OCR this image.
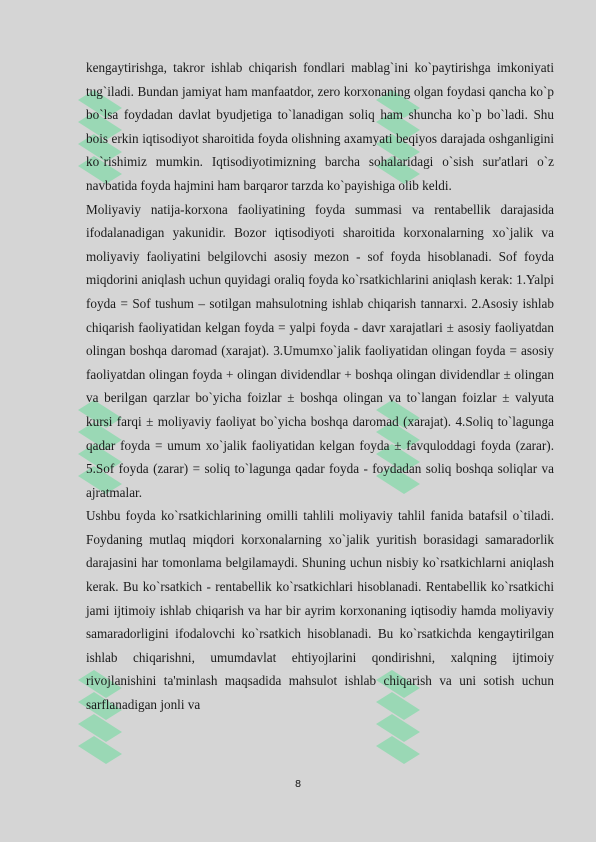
kengaytirishga, takror ishlab chiqarish fondlari mablag`ini ko`paytirishga imkoniyati tug`iladi. Bundan jamiyat ham manfaatdor, zero korxonaning olgan foydasi qancha ko`p bo`lsa foydadan davlat byudjetiga to`lanadigan soliq ham shuncha ko`p bo`ladi. Shu bois erkin iqtisodiyot sharoitida foyda olishning axamyati beqiyos darajada oshganligini ko`rishimiz mumkin. Iqtisodiyotimizning barcha sohalaridagi o`sish sur'atlari o`z navbatida foyda hajmini ham barqaror tarzda ko`payishiga olib keldi.

Moliyaviy natija-korxona faoliyatining foyda summasi va rentabellik darajasida ifodalanadigan yakunidir. Bozor iqtisodiyoti sharoitida korxonalarning xo`jalik va moliyaviy faoliyatini belgilovchi asosiy mezon - sof foyda hisoblanadi. Sof foyda miqdorini aniqlash uchun quyidagi oraliq foyda ko`rsatkichlarini aniqlash kerak: 1.Yalpi foyda = Sof tushum – sotilgan mahsulotning ishlab chiqarish tannarxi. 2.Asosiy ishlab chiqarish faoliyatidan kelgan foyda = yalpi foyda - davr xarajatlari ± asosiy faoliyatdan olingan boshqa daromad (xarajat). 3.Umumxo`jalik faoliyatidan olingan foyda = asosiy faoliyatdan olingan foyda + olingan dividendlar + boshqa olingan dividendlar ± olingan va berilgan qarzlar bo`yicha foizlar ± boshqa olingan va to`langan foizlar ± valyuta kursi farqi ± moliyaviy faoliyat bo`yicha boshqa daromad (xarajat). 4.Soliq to`lagunga qadar foyda = umum xo`jalik faoliyatidan kelgan foyda ± favquloddagi foyda (zarar). 5.Sof foyda (zarar) = soliq to`lagunga qadar foyda - foydadan soliq boshqa soliqlar va ajratmalar.

Ushbu foyda ko`rsatkichlarining omilli tahlili moliyaviy tahlil fanida batafsil o`tiladi. Foydaning mutlaq miqdori korxonalarning xo`jalik yuritish borasidagi samaradorlik darajasini har tomonlama belgilamaydi. Shuning uchun nisbiy ko`rsatkichlarni aniqlash kerak. Bu ko`rsatkich - rentabellik ko`rsatkichlari hisoblanadi. Rentabellik ko`rsatkichi jami ijtimoiy ishlab chiqarish va har bir ayrim korxonaning iqtisodiy hamda moliyaviy samaradorligini ifodalovchi ko`rsatkich hisoblanadi. Bu ko`rsatkichda kengaytirilgan ishlab chiqarishni, umumdavlat ehtiyojlarini qondirishni, xalqning ijtimoiy rivojlanishini ta'minlash maqsadida mahsulot ishlab chiqarish va uni sotish uchun sarflanadigan jonli va

8
